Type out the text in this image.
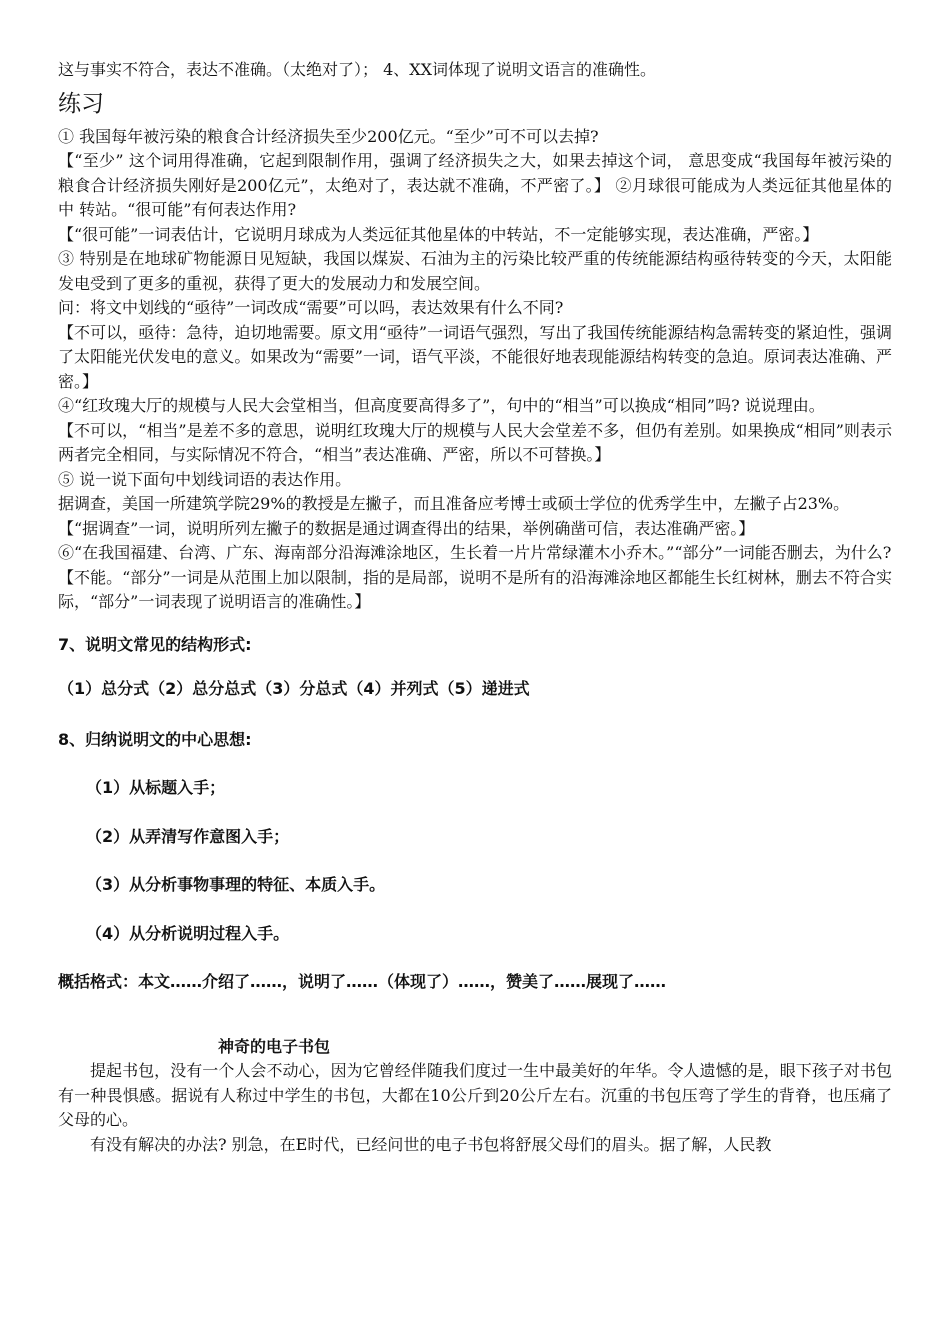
这与事实不符合，表达不准确。（太绝对了）； 4、XX词体现了说明文语言的准确性。

练习

① 我国每年被污染的粮食合计经济损失至少200亿元。“至少”可不可以去掉?

【“至少” 这个词用得准确，它起到限制作用，强调了经济损失之大，如果去掉这个词， 意思变成“我国每年被污染的粮食合计经济损失刚好是200亿元”，太绝对了，表达就不准确，不严密了。】 ②月球很可能成为人类远征其他星体的中 转站。“很可能”有何表达作用?

【“很可能”一词表估计，它说明月球成为人类远征其他星体的中转站，不一定能够实现，表达准确，严密。】

③ 特别是在地球矿物能源日见短缺，我国以煤炭、石油为主的污染比较严重的传统能源结构亟待转变的今天，太阳能发电受到了更多的重视，获得了更大的发展动力和发展空间。

问：将文中划线的“亟待”一词改成“需要”可以吗，表达效果有什么不同?

【不可以，亟待：急待，迫切地需要。原文用“亟待”一词语气强烈，写出了我国传统能源结构急需转变的紧迫性，强调了太阳能光伏发电的意义。如果改为“需要”一词，语气平淡，不能很好地表现能源结构转变的急迫。原词表达准确、严密。】

④“红玫瑰大厅的规模与人民大会堂相当，但高度要高得多了”，句中的“相当”可以换成“相同”吗? 说说理由。

【不可以，“相当”是差不多的意思，说明红玫瑰大厅的规模与人民大会堂差不多，但仍有差别。如果换成“相同”则表示两者完全相同，与实际情况不符合，“相当”表达准确、严密，所以不可替换。】

⑤ 说一说下面句中划线词语的表达作用。

据调查，美国一所建筑学院29%的教授是左撇子，而且准备应考博士或硕士学位的优秀学生中，左撇子占23%。

【“据调查”一词，说明所列左撇子的数据是通过调查得出的结果，举例确凿可信，表达准确严密。】

⑥“在我国福建、台湾、广东、海南部分沿海滩涂地区，生长着一片片常绿灌木小乔木。”“部分”一词能否删去，为什么?

【不能。“部分”一词是从范围上加以限制，指的是局部，说明不是所有的沿海滩涂地区都能生长红树林，删去不符合实际，“部分”一词表现了说明语言的准确性。】

7、说明文常见的结构形式:

（1）总分式（2）总分总式（3）分总式（4）并列式（5）递进式

8、归纳说明文的中心思想:

（1）从标题入手；

（2）从弄清写作意图入手；

（3）从分析事物事理的特征、本质入手。

（4）从分析说明过程入手。

概括格式：本文……介绍了……，说明了……（体现了）……，赞美了……展现了……

神奇的电子书包

提起书包，没有一个人会不动心，因为它曾经伴随我们度过一生中最美好的年华。令人遗憾的是，眼下孩子对书包有一种畏惧感。据说有人称过中学生的书包，大都在10公斤到20公斤左右。沉重的书包压弯了学生的背脊，也压痛了父母的心。

有没有解决的办法? 别急，在E时代，已经问世的电子书包将舒展父母们的眉头。据了解，人民教
